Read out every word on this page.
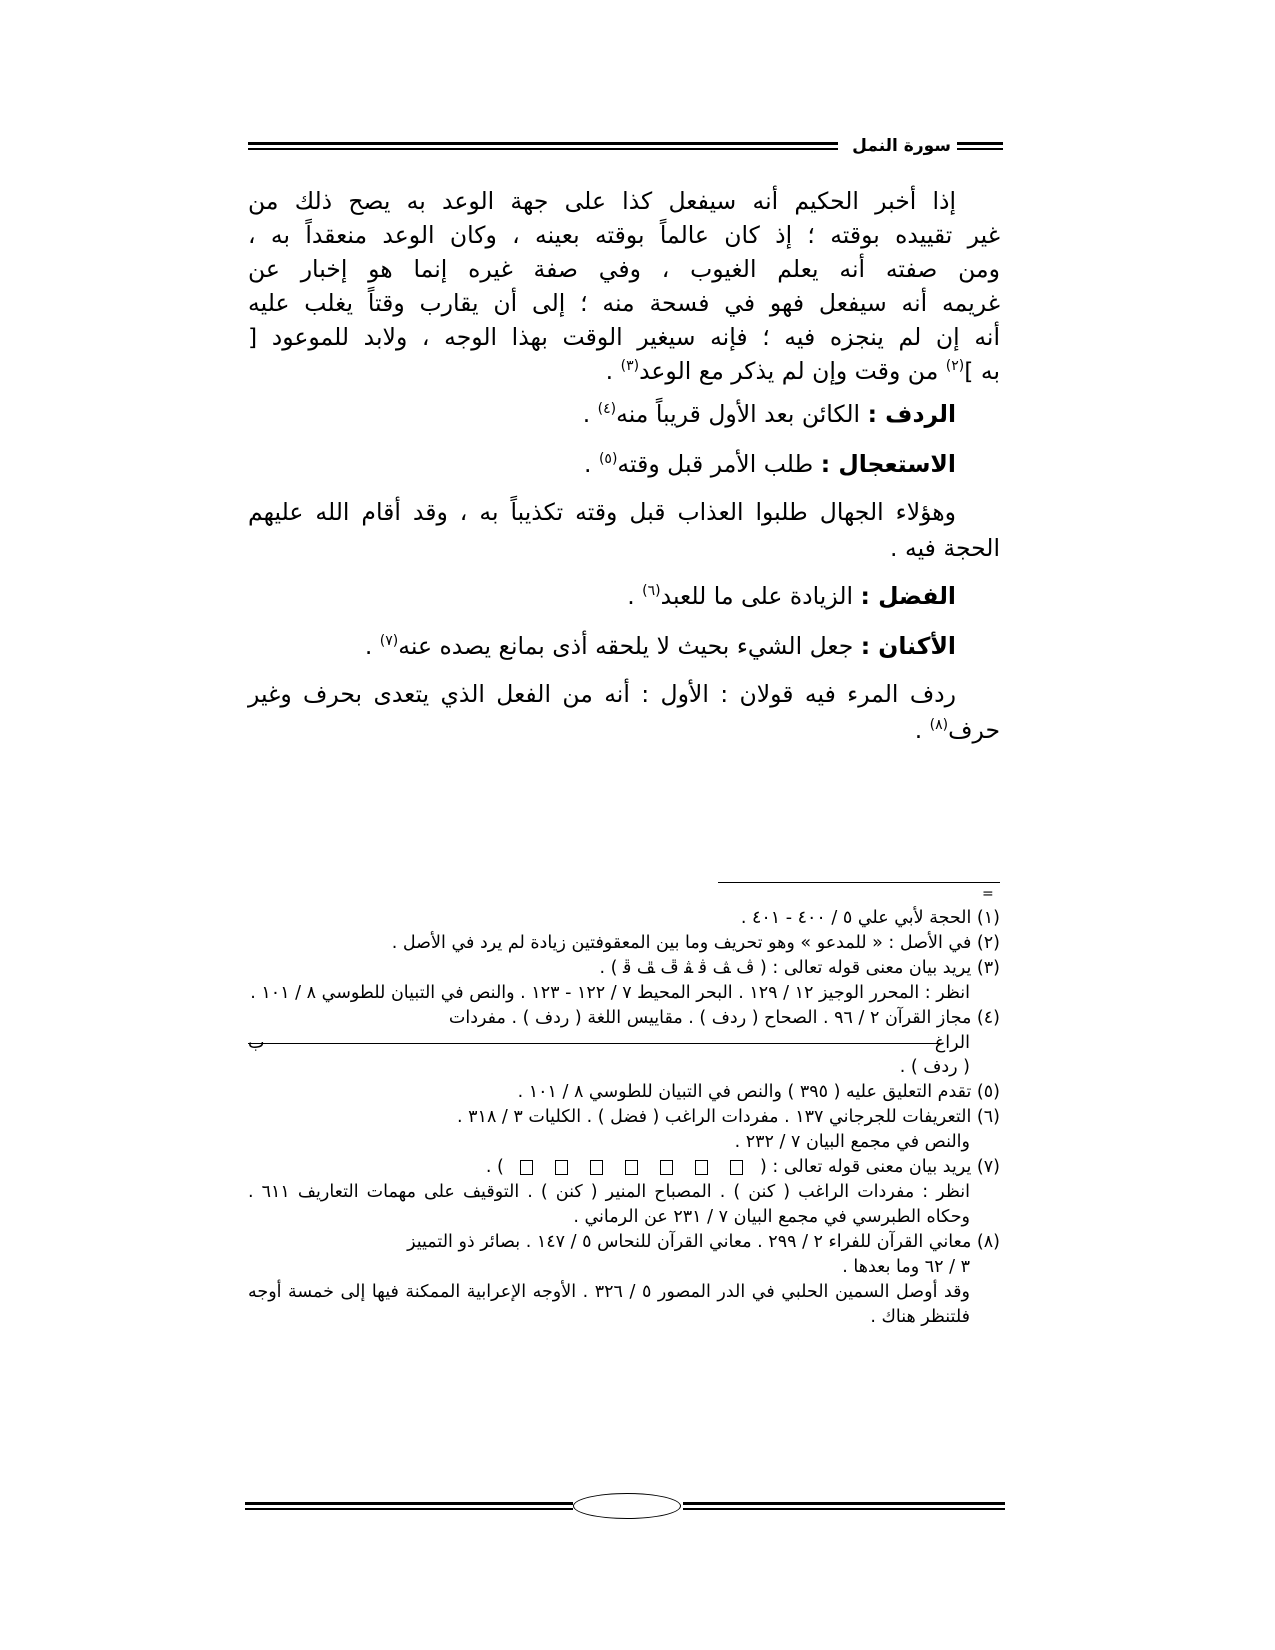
سورة النمل

إذا أخبر الحكيم أنه سيفعل كذا على جهة الوعد به يصح ذلك من
غير تقييده بوقته ؛ إذ كان عالماً بوقته بعينه ، وكان الوعد منعقداً به ،
ومن صفته أنه يعلم الغيوب ، وفي صفة غيره إنما هو إخبار عن
غريمه أنه سيفعل فهو في فسحة منه ؛ إلى أن يقارب وقتاً يغلب عليه
أنه إن لم ينجزه فيه ؛ فإنه سيغير الوقت بهذا الوجه ، ولابد للموعود [
به ]$^{(٢)}$ من وقت وإن لم يذكر مع الوعد$^{(٣)}$ .

الردف : الكائن بعد الأول قريباً منه$^{(٤)}$ .

الاستعجال : طلب الأمر قبل وقته$^{(٥)}$ .

وهؤلاء الجهال طلبوا العذاب قبل وقته تكذيباً به ، وقد أقام الله عليهم الحجة فيه .

الفضل : الزيادة على ما للعبد$^{(٦)}$ .

الأكنان : جعل الشيء بحيث لا يلحقه أذى بمانع يصده عنه$^{(٧)}$ .

ردف المرء فيه قولان : الأول : أنه من الفعل الذي يتعدى بحرف وغير حرف$^{(٨)}$ .

=

(١) الحجة لأبي علي ٥ / ٤٠٠ - ٤٠١ .

(٢) في الأصل : « للمدعو » وهو تحريف وما بين المعقوفتين زيادة لم يرد في الأصل .

(٣) يريد بيان معنى قوله تعالى : ( ﭪ ﭫ ﭬ ﭭ ﭮ ﭯ ﭰ ) .

انظر : المحرر الوجيز ١٢ / ١٢٩ . البحر المحيط ٧ / ١٢٢ - ١٢٣ . والنص في التبيان للطوسي ٨ / ١٠١ .

(٤) مجاز القرآن ٢ / ٩٦ . الصحاح ( ردف ) . مقاييس اللغة ( ردف ) . مفردات

الراغ
ب

( ردف ) .

(٥) تقدم التعليق عليه ( ٣٩٥ ) والنص في التبيان للطوسي ٨ / ١٠١ .

(٦) التعريفات للجرجاني ١٣٧ . مفردات الراغب ( فضل ) . الكليات ٣ / ٣١٨ .

والنص في مجمع البيان ٧ / ٢٣٢ .

(٧) يريد بيان معنى قوله تعالى : (  ) .

انظر : مفردات الراغب ( كنن ) . المصباح المنير ( كنن ) . التوقيف على مهمات التعاريف ٦١١ . وحكاه الطبرسي في مجمع البيان ٧ / ٢٣١ عن الرماني .

(٨) معاني القرآن للفراء ٢ / ٢٩٩ . معاني القرآن للنحاس ٥ / ١٤٧ . بصائر ذو التمييز

٣ / ٦٢ وما بعدها .

وقد أوصل السمين الحلبي في الدر المصور ٥ / ٣٢٦ . الأوجه الإعرابية الممكنة فيها إلى خمسة أوجه فلتنظر هناك .
